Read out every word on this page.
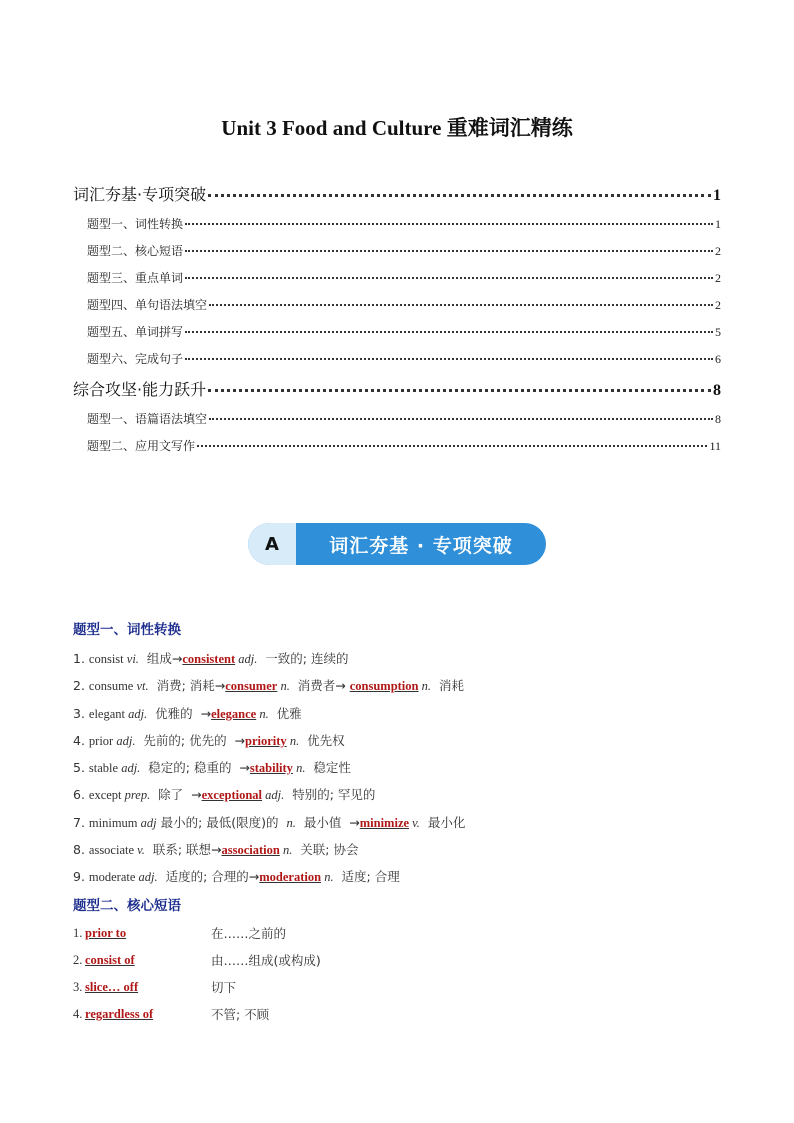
Unit 3 Food and Culture 重难词汇精练
词汇夯基·专项突破	1
题型一、词性转换	1
题型二、核心短语	2
题型三、重点单词	2
题型四、单句语法填空	2
题型五、单词拼写	5
题型六、完成句子	6
综合攻坚·能力跃升	8
题型一、语篇语法填空	8
题型二、应用文写作	11
A	词汇夯基 · 专项突破
题型一、词性转换
1. consist vi.  组成→consistent adj.  一致的; 连续的
2. consume vt.  消费; 消耗→consumer n.  消费者→ consumption n.  消耗
3. elegant adj.  优雅的  →elegance n.  优雅
4. prior adj.  先前的; 优先的  →priority n.  优先权
5. stable adj.  稳定的; 稳重的  →stability n.  稳定性
6. except prep.  除了  →exceptional adj.  特别的; 罕见的
7. minimum adj 最小的; 最低(限度)的  n.  最小值  →minimize v.  最小化
8. associate v.  联系; 联想→association n.  关联; 协会
9. moderate adj.  适度的; 合理的→moderation n.  适度; 合理
题型二、核心短语
1. prior to	在……之前的
2. consist of	由……组成(或构成)
3. slice… off	切下
4. regardless of	不管; 不顾
